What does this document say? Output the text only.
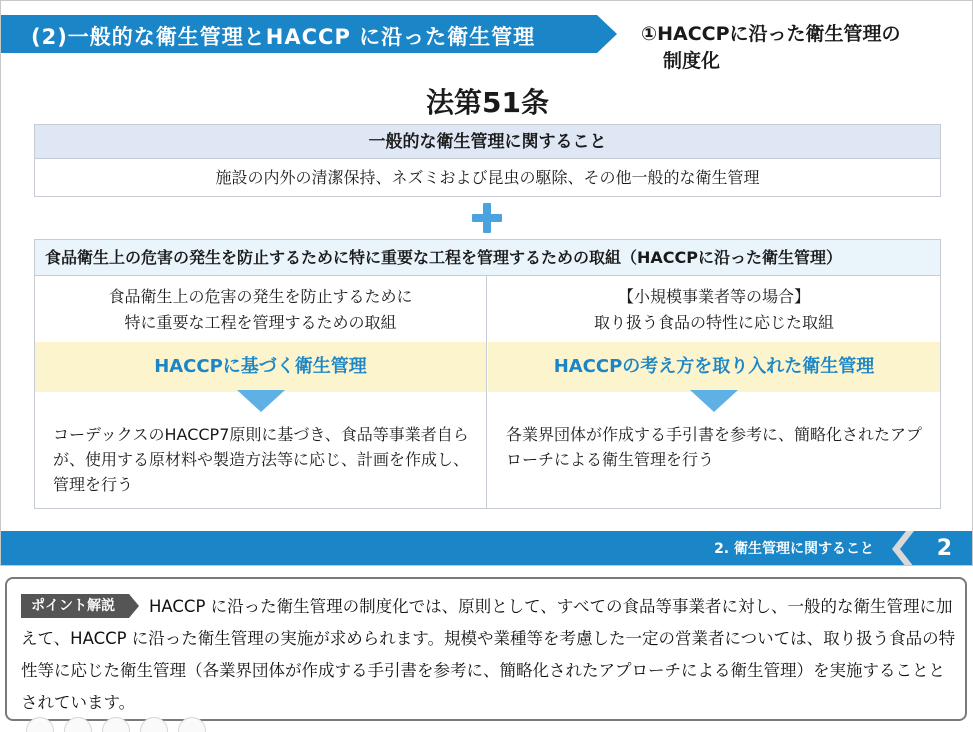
(2)一般的な衛生管理とHACCP に沿った衛生管理	①HACCPに沿った衛生管理の
制度化
法第51条
一般的な衛生管理に関すること
施設の内外の清潔保持、ネズミおよび昆虫の駆除、その他一般的な衛生管理
食品衛生上の危害の発生を防止するために特に重要な工程を管理するための取組（HACCPに沿った衛生管理）
食品衛生上の危害の発生を防止するために
特に重要な工程を管理するための取組
HACCPに基づく衛生管理
コーデックスのHACCP7原則に基づき、食品等事業者自らが、使用する原材料や製造方法等に応じ、計画を作成し、管理を行う
【小規模事業者等の場合】
取り扱う食品の特性に応じた取組
HACCPの考え方を取り入れた衛生管理
各業界団体が作成する手引書を参考に、簡略化されたアプローチによる衛生管理を行う
2. 衛生管理に関すること	2
ポイント解説 HACCP に沿った衛生管理の制度化では、原則として、すべての食品等事業者に対し、一般的な衛生管理に加えて、HACCP に沿った衛生管理の実施が求められます。規模や業種等を考慮した一定の営業者については、取り扱う食品の特性等に応じた衛生管理（各業界団体が作成する手引書を参考に、簡略化されたアプローチによる衛生管理）を実施することとされています。
